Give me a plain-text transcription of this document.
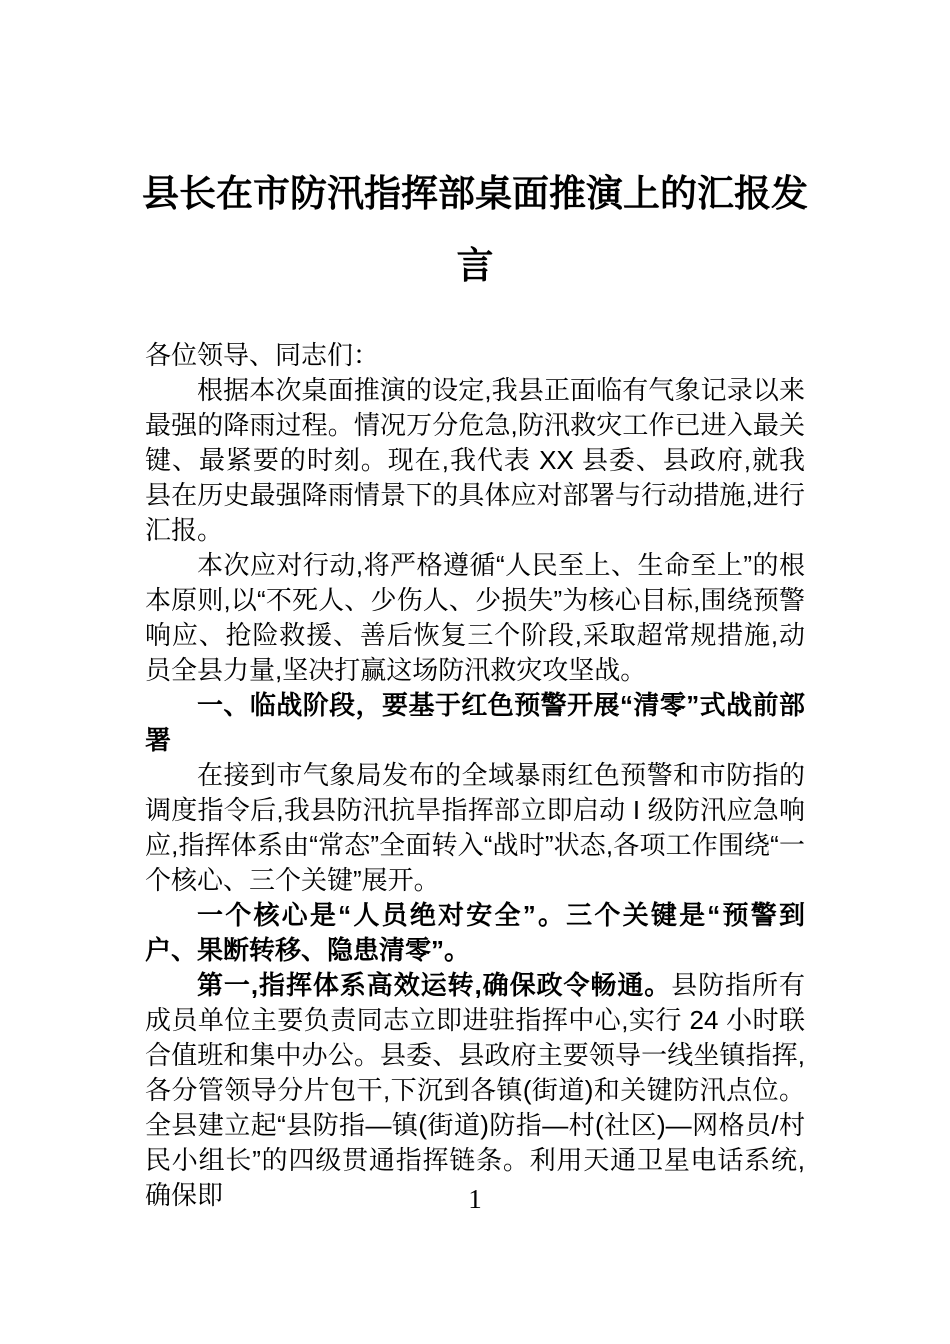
县长在市防汛指挥部桌面推演上的汇报发言

各位领导、同志们：

根据本次桌面推演的设定,我县正面临有气象记录以来最强的降雨过程。情况万分危急,防汛救灾工作已进入最关键、最紧要的时刻。现在,我代表 XX 县委、县政府,就我县在历史最强降雨情景下的具体应对部署与行动措施,进行汇报。

本次应对行动,将严格遵循“人民至上、生命至上”的根本原则,以“不死人、少伤人、少损失”为核心目标,围绕预警响应、抢险救援、善后恢复三个阶段,采取超常规措施,动员全县力量,坚决打赢这场防汛救灾攻坚战。

一、临战阶段，要基于红色预警开展“清零”式战前部署

在接到市气象局发布的全域暴雨红色预警和市防指的调度指令后,我县防汛抗旱指挥部立即启动 I 级防汛应急响应,指挥体系由“常态”全面转入“战时”状态,各项工作围绕“一个核心、三个关键”展开。

一个核心是“人员绝对安全”。三个关键是“预警到户、果断转移、隐患清零”。

第一,指挥体系高效运转,确保政令畅通。县防指所有成员单位主要负责同志立即进驻指挥中心,实行 24 小时联合值班和集中办公。县委、县政府主要领导一线坐镇指挥,各分管领导分片包干,下沉到各镇(街道)和关键防汛点位。全县建立起“县防指—镇(街道)防指—村(社区)—网格员/村民小组长”的四级贯通指挥链条。利用天通卫星电话系统,确保即	1
